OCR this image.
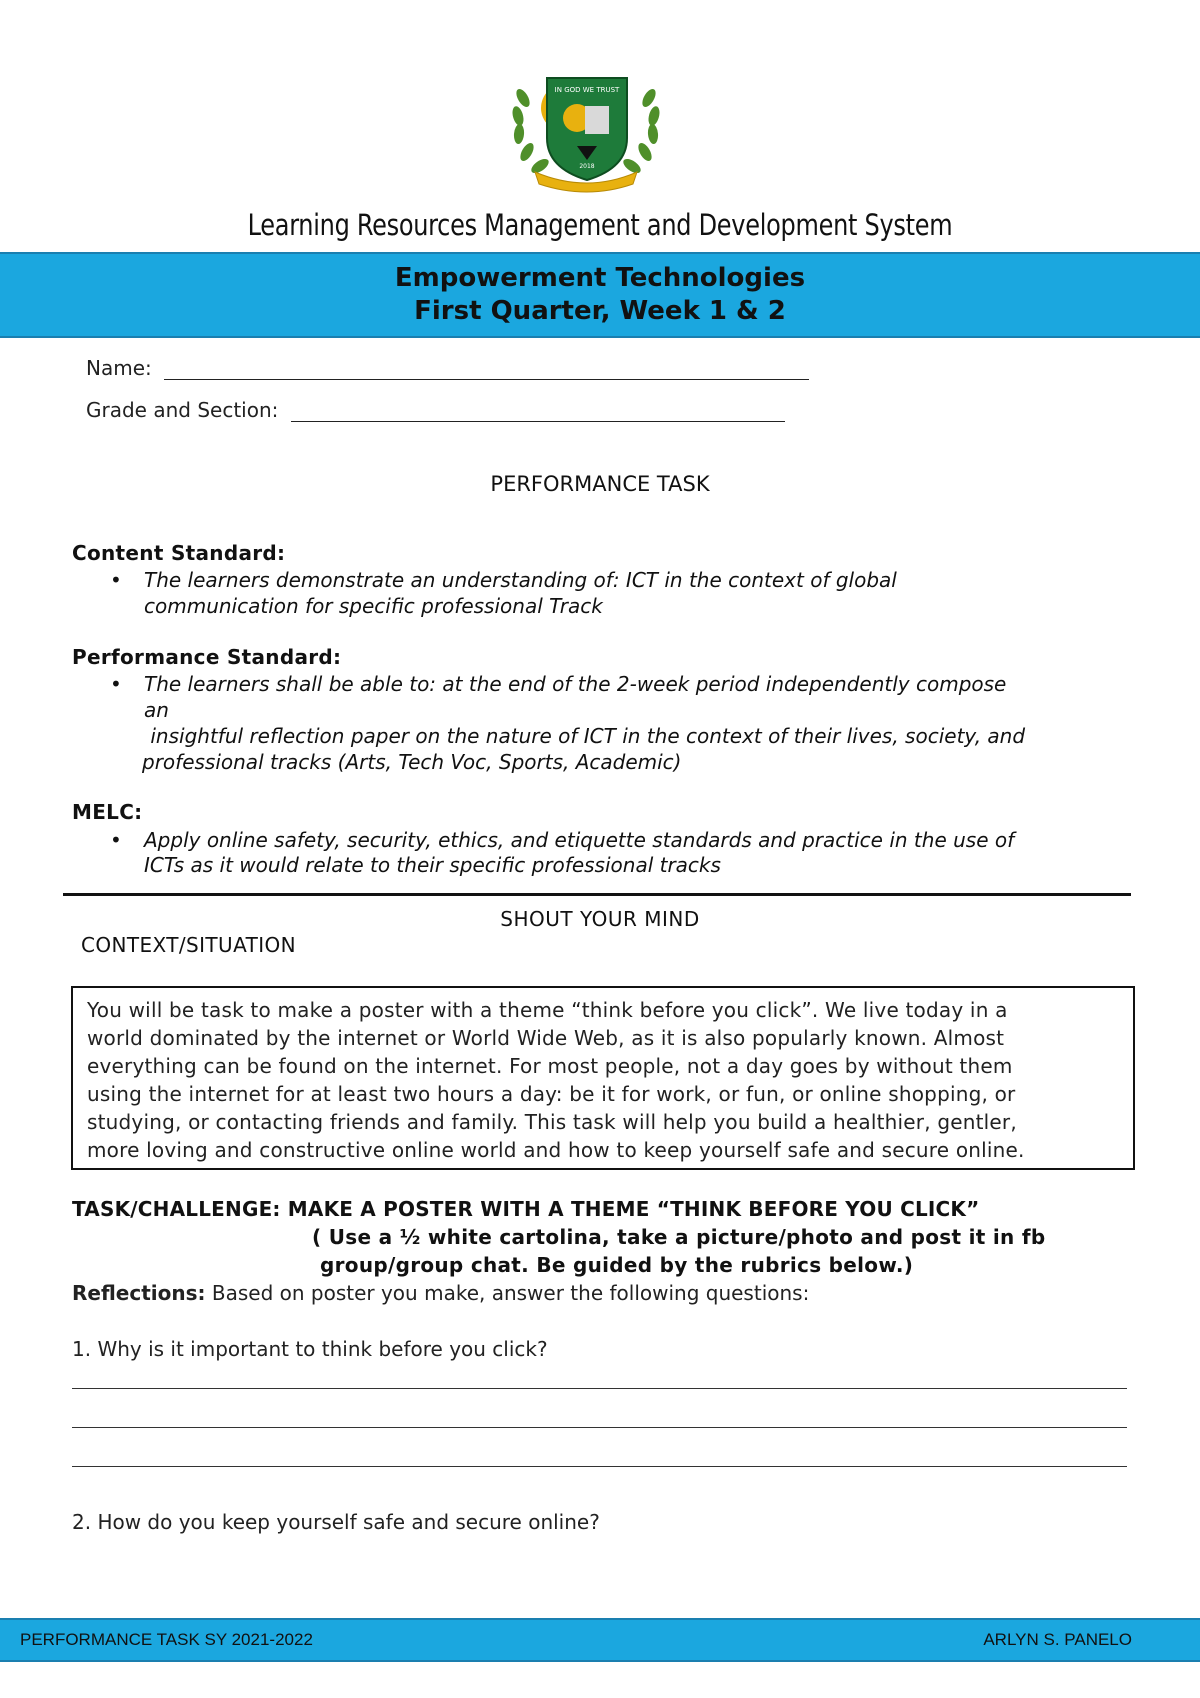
IN GOD WE TRUST
2018
Learning Resources Management and Development System
Empowerment Technologies
First Quarter, Week 1 & 2
Name:
Grade and Section:
PERFORMANCE TASK
Content Standard:
• The learners demonstrate an understanding of: ICT in the context of global
communication for specific professional Track
Performance Standard:
• The learners shall be able to: at the end of the 2-week period independently compose
an
insightful reflection paper on the nature of ICT in the context of their lives, society, and
professional tracks (Arts, Tech Voc, Sports, Academic)
MELC:
• Apply online safety, security, ethics, and etiquette standards and practice in the use of
ICTs as it would relate to their specific professional tracks
SHOUT YOUR MIND
CONTEXT/SITUATION

You will be task to make a poster with a theme “think before you click”. We live today in a

world dominated by the internet or World Wide Web, as it is also popularly known. Almost

everything can be found on the internet. For most people, not a day goes by without them

using the internet for at least two hours a day: be it for work, or fun, or online shopping, or

studying, or contacting friends and family. This task will help you build a healthier, gentler,

more loving and constructive online world and how to keep yourself safe and secure online.

TASK/CHALLENGE: MAKE A POSTER WITH A THEME “THINK BEFORE YOU CLICK”
( Use a ½ white cartolina, take a picture/photo and post it in fb
group/group chat. Be guided by the rubrics below.)
Reflections: Based on poster you make, answer the following questions:
1. Why is it important to think before you click?
2. How do you keep yourself safe and secure online?
PERFORMANCE TASK SY 2021-2022	ARLYN S. PANELO
